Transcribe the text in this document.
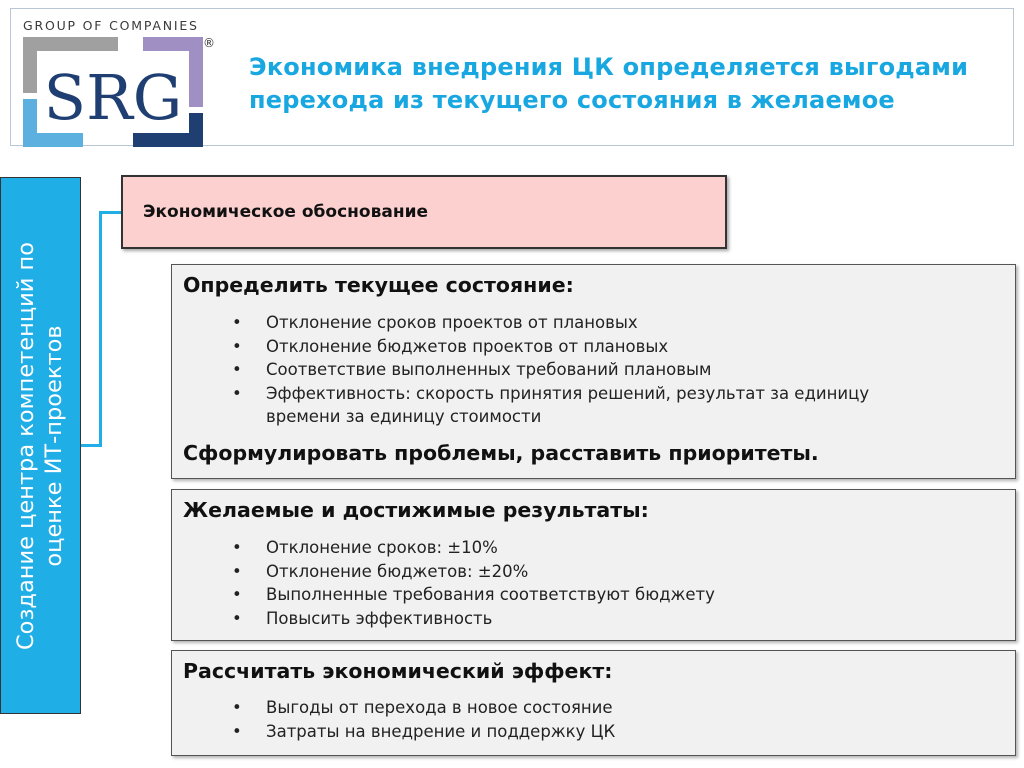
GROUP OF COMPANIES
SRG
®
Экономика внедрения ЦК определяется выгодами
перехода из текущего состояния в желаемое
Создание центра компетенций по оценке ИТ-проектов
Экономическое обоснование
Определить текущее состояние:
• Отклонение сроков проектов от плановых
• Отклонение бюджетов проектов от плановых
• Соответствие выполненных требований плановым
• Эффективность: скорость принятия решений, результат за единицу
времени за единицу стоимости
Сформулировать проблемы, расставить приоритеты.
Желаемые и достижимые результаты:
• Отклонение сроков: ±10%
• Отклонение бюджетов: ±20%
• Выполненные требования соответствуют бюджету
• Повысить эффективность
Рассчитать экономический эффект:
• Выгоды от перехода в новое состояние
• Затраты на внедрение и поддержку ЦК
